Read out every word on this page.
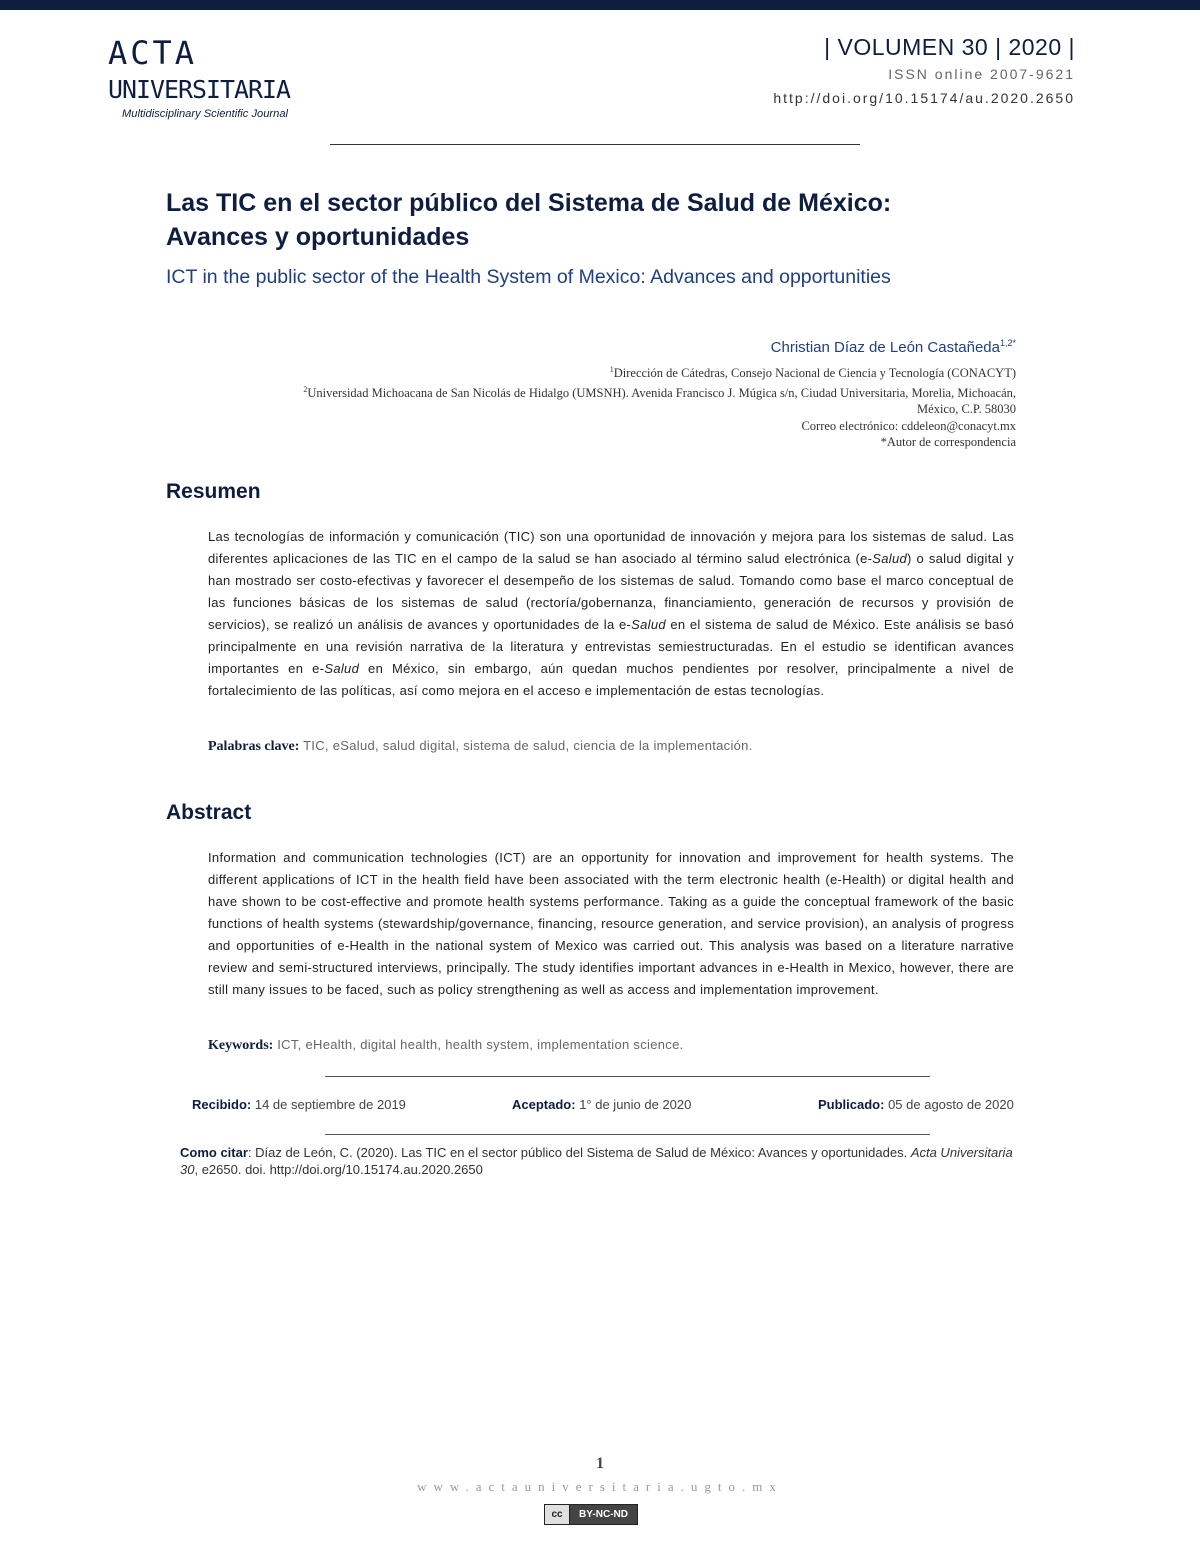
ACTA
UNIVERSITARIA
Multidisciplinary Scientific Journal
| VOLUMEN 30 | 2020 |
ISSN online 2007-9621
http://doi.org/10.15174/au.2020.2650
Las TIC en el sector público del Sistema de Salud de México:
Avances y oportunidades
ICT in the public sector of the Health System of Mexico: Advances and opportunities
Christian Díaz de León Castañeda$^{1,2*}$
$^1$Dirección de Cátedras, Consejo Nacional de Ciencia y Tecnología (CONACYT)
$^2$Universidad Michoacana de San Nicolás de Hidalgo (UMSNH). Avenida Francisco J. Múgica s/n, Ciudad Universitaria, Morelia, Michoacán,
México, C.P. 58030
Correo electrónico: cddeleon@conacyt.mx
*Autor de correspondencia
Resumen
Las tecnologías de información y comunicación (TIC) son una oportunidad de innovación y mejora para los sistemas de salud. Las diferentes aplicaciones de las TIC en el campo de la salud se han asociado al término salud electrónica (e-Salud) o salud digital y han mostrado ser costo-efectivas y favorecer el desempeño de los sistemas de salud. Tomando como base el marco conceptual de las funciones básicas de los sistemas de salud (rectoría/gobernanza, financiamiento, generación de recursos y provisión de servicios), se realizó un análisis de avances y oportunidades de la e-Salud en el sistema de salud de México. Este análisis se basó principalmente en una revisión narrativa de la literatura y entrevistas semiestructuradas. En el estudio se identifican avances importantes en e-Salud en México, sin embargo, aún quedan muchos pendientes por resolver, principalmente a nivel de fortalecimiento de las políticas, así como mejora en el acceso e implementación de estas tecnologías.
Palabras clave: TIC, eSalud, salud digital, sistema de salud, ciencia de la implementación.
Abstract
Information and communication technologies (ICT) are an opportunity for innovation and improvement for health systems. The different applications of ICT in the health field have been associated with the term electronic health (e-Health) or digital health and have shown to be cost-effective and promote health systems performance. Taking as a guide the conceptual framework of the basic functions of health systems (stewardship/governance, financing, resource generation, and service provision), an analysis of progress and opportunities of e-Health in the national system of Mexico was carried out. This analysis was based on a literature narrative review and semi-structured interviews, principally. The study identifies important advances in e-Health in Mexico, however, there are still many issues to be faced, such as policy strengthening as well as access and implementation improvement.
Keywords: ICT, eHealth, digital health, health system, implementation science.
Recibido: 14 de septiembre de 2019	Aceptado: 1° de junio de 2020	Publicado: 05 de agosto de 2020
Como citar: Díaz de León, C. (2020). Las TIC en el sector público del Sistema de Salud de México: Avances y oportunidades. Acta Universitaria 30, e2650. doi. http://doi.org/10.15174.au.2020.2650
1
www.actauniversitaria.ugto.mx
cc	BY-NC-ND
